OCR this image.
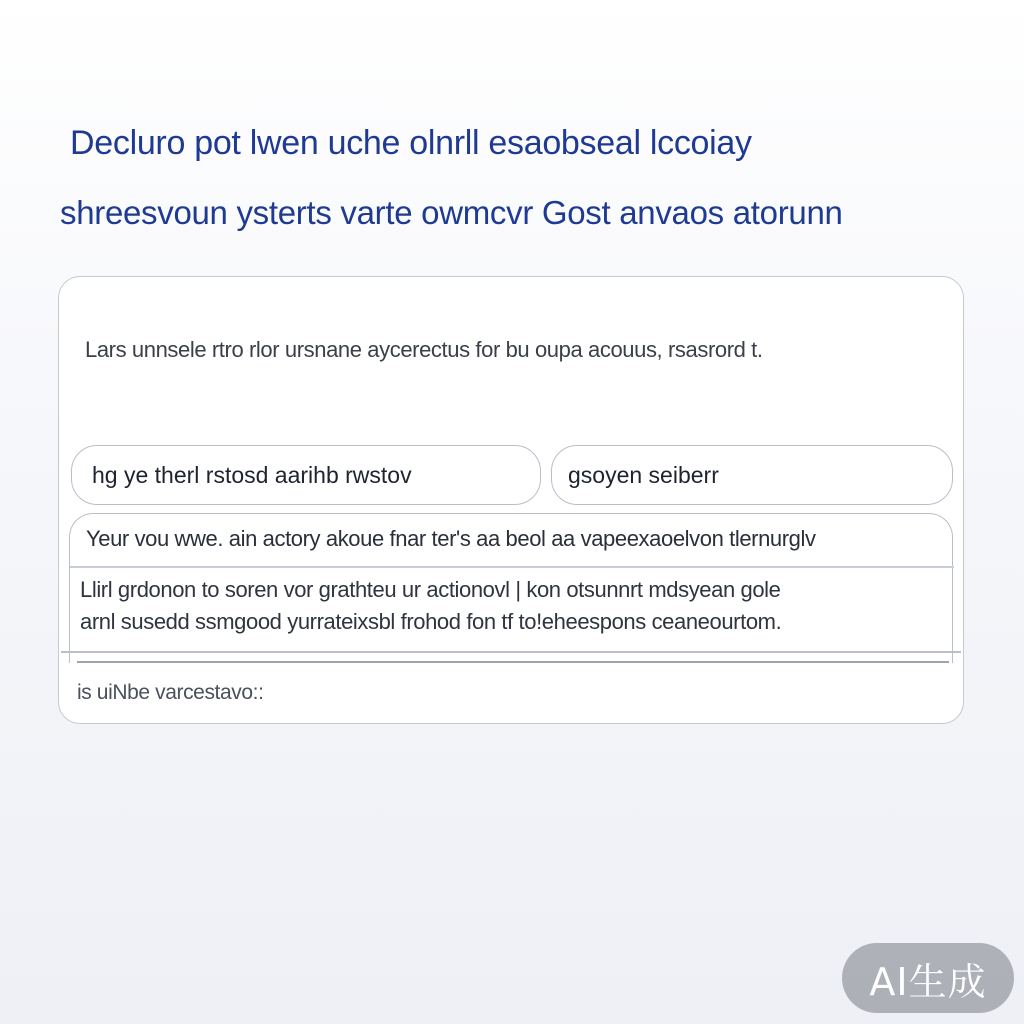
Decluro pot lwen uche olnrll esaobseal lccoiay
shreesvoun ysterts varte owmcvr Gost anvaos atorunn
Lars unnsele rtro rlor ursnane aycerectus for bu oupa acouus, rsasrord t.
hg ye therl rstosd aarihb rwstov	gsoyen seiberr
Yeur vou wwe. ain actory akoue fnar ter's aa beol aa vapeexaoelvon tlernurglv
Llirl grdonon to soren vor grathteu ur actionovl | kon otsunnrt mdsyean gole
arnl susedd ssmgood yurrateixsbl frohod fon tf to!eheespons ceaneourtom.
is uiNbe varcestavo::
AI生成
